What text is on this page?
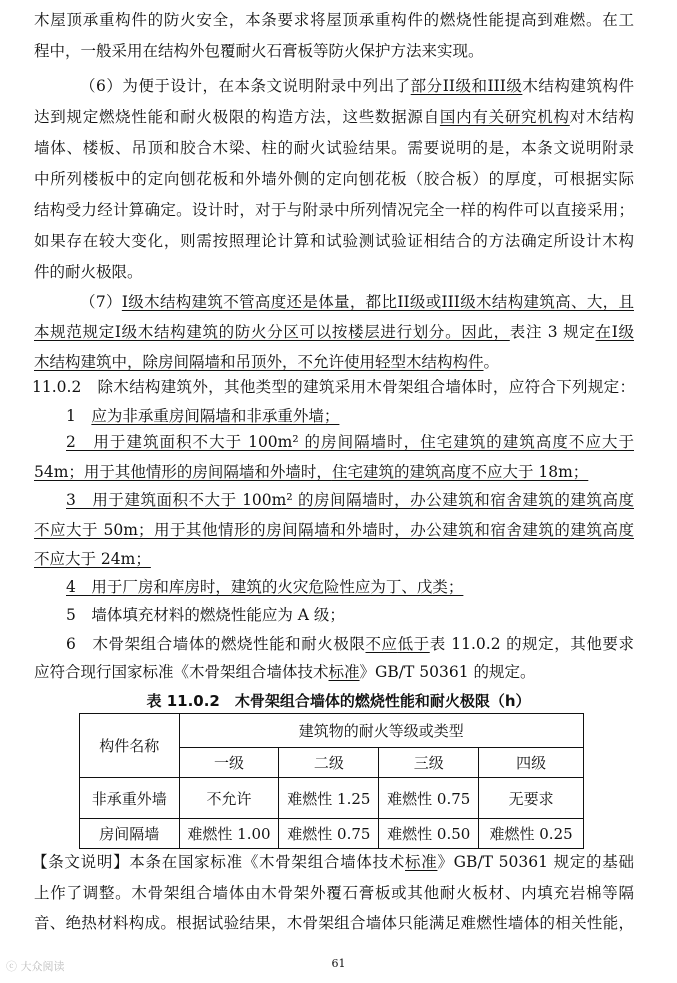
木屋顶承重构件的防火安全，本条要求将屋顶承重构件的燃烧性能提高到难燃。在工
程中，一般采用在结构外包覆耐火石膏板等防火保护方法来实现。
（6）为便于设计，在本条文说明附录中列出了部分II级和III级木结构建筑构件
达到规定燃烧性能和耐火极限的构造方法，这些数据源自国内有关研究机构对木结构
墙体、楼板、吊顶和胶合木梁、柱的耐火试验结果。需要说明的是，本条文说明附录
中所列楼板中的定向刨花板和外墙外侧的定向刨花板（胶合板）的厚度，可根据实际
结构受力经计算确定。设计时，对于与附录中所列情况完全一样的构件可以直接采用；
如果存在较大变化，则需按照理论计算和试验测试验证相结合的方法确定所设计木构
件的耐火极限。
（7）I级木结构建筑不管高度还是体量，都比II级或III级木结构建筑高、大，且
本规范规定I级木结构建筑的防火分区可以按楼层进行划分。因此，表注 3 规定在I级
木结构建筑中，除房间隔墙和吊顶外，不允许使用轻型木结构构件。
11.0.2　除木结构建筑外，其他类型的建筑采用木骨架组合墙体时，应符合下列规定：
1　应为非承重房间隔墙和非承重外墙；
2　用于建筑面积不大于 100m² 的房间隔墙时，住宅建筑的建筑高度不应大于
54m；用于其他情形的房间隔墙和外墙时，住宅建筑的建筑高度不应大于 18m；
3　用于建筑面积不大于 100m² 的房间隔墙时，办公建筑和宿舍建筑的建筑高度
不应大于 50m；用于其他情形的房间隔墙和外墙时，办公建筑和宿舍建筑的建筑高度
不应大于 24m；
4　用于厂房和库房时，建筑的火灾危险性应为丁、戊类；
5　墙体填充材料的燃烧性能应为 A 级；
6　木骨架组合墙体的燃烧性能和耐火极限不应低于表 11.0.2 的规定，其他要求
应符合现行国家标准《木骨架组合墙体技术标准》GB/T 50361 的规定。
表 11.0.2　木骨架组合墙体的燃烧性能和耐火极限（h）
构件名称	建筑物的耐火等级或类型			
	一级	二级	三级	四级
非承重外墙	不允许	难燃性 1.25	难燃性 0.75	无要求
房间隔墙	难燃性 1.00	难燃性 0.75	难燃性 0.50	难燃性 0.25
【条文说明】本条在国家标准《木骨架组合墙体技术标准》GB/T 50361 规定的基础
上作了调整。木骨架组合墙体由木骨架外覆石膏板或其他耐火板材、内填充岩棉等隔
音、绝热材料构成。根据试验结果，木骨架组合墙体只能满足难燃性墙体的相关性能，
ⓒ 大众阅读	61
